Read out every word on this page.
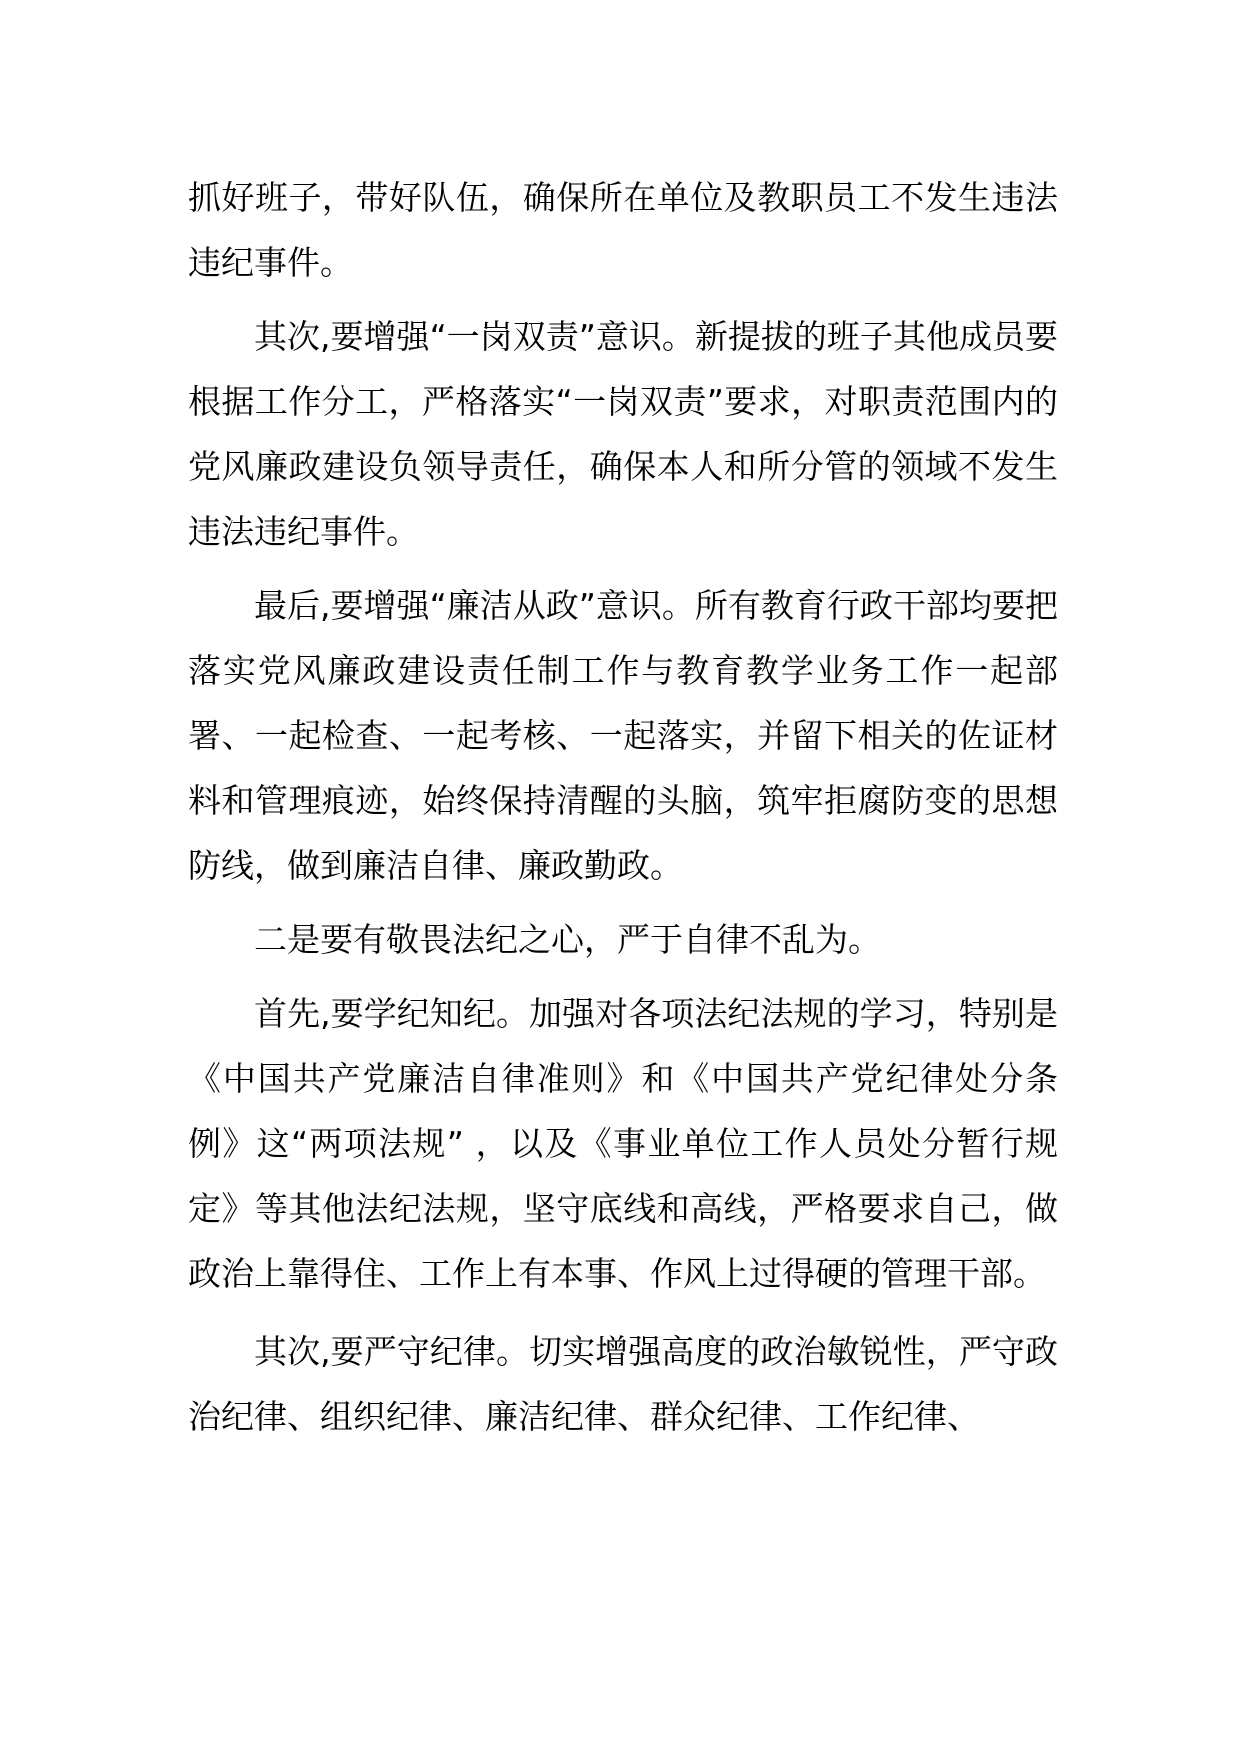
抓好班子，带好队伍，确保所在单位及教职员工不发生违法违纪事件。

其次,要增强“一岗双责”意识。新提拔的班子其他成员要根据工作分工，严格落实“一岗双责”要求，对职责范围内的党风廉政建设负领导责任，确保本人和所分管的领域不发生违法违纪事件。

最后,要增强“廉洁从政”意识。所有教育行政干部均要把落实党风廉政建设责任制工作与教育教学业务工作一起部署、一起检查、一起考核、一起落实，并留下相关的佐证材料和管理痕迹，始终保持清醒的头脑，筑牢拒腐防变的思想防线，做到廉洁自律、廉政勤政。

二是要有敬畏法纪之心，严于自律不乱为。

首先,要学纪知纪。加强对各项法纪法规的学习，特别是《中国共产党廉洁自律准则》和《中国共产党纪律处分条例》这“两项法规” ，以及《事业单位工作人员处分暂行规定》等其他法纪法规，坚守底线和高线，严格要求自己，做政治上靠得住、工作上有本事、作风上过得硬的管理干部。

其次,要严守纪律。切实增强高度的政治敏锐性，严守政治纪律、组织纪律、廉洁纪律、群众纪律、工作纪律、
